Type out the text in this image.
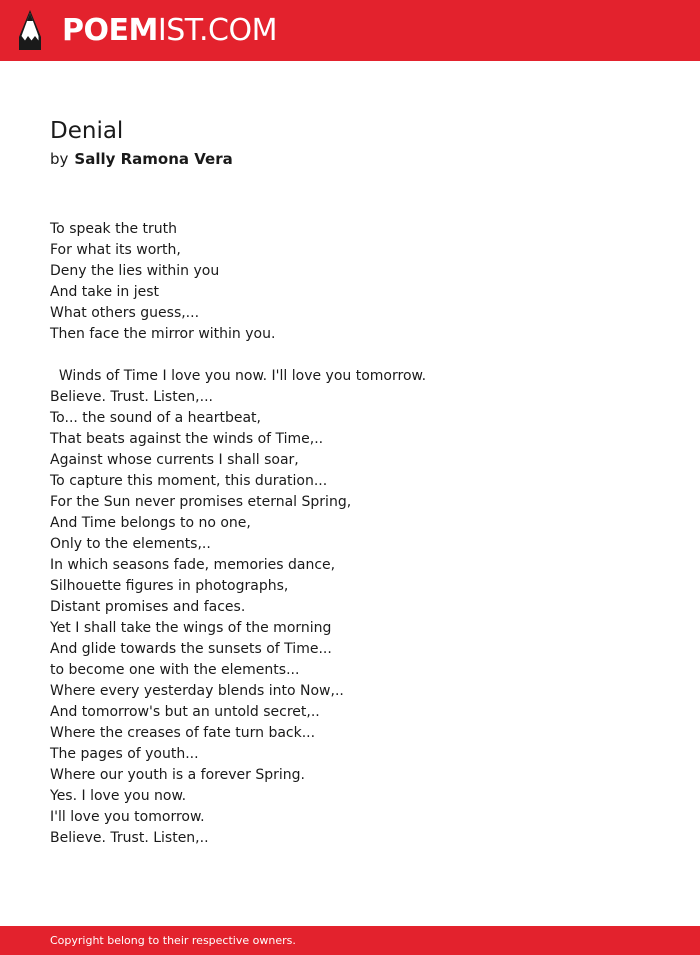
POEMIST.COM
Denial
by Sally Ramona Vera
To speak the truth
For what its worth,
Deny the lies within you
And take in jest
What others guess,...
Then face the mirror within you.
Winds of Time I love you now. I'll love you tomorrow.
Believe. Trust. Listen,...
To... the sound of a heartbeat,
That beats against the winds of Time,..
Against whose currents I shall soar,
To capture this moment, this duration...
For the Sun never promises eternal Spring,
And Time belongs to no one,
Only to the elements,..
In which seasons fade, memories dance,
Silhouette figures in photographs,
Distant promises and faces.
Yet I shall take the wings of the morning
And glide towards the sunsets of Time...
to become one with the elements...
Where every yesterday blends into Now,..
And tomorrow's but an untold secret,..
Where the creases of fate turn back...
The pages of youth...
Where our youth is a forever Spring.
Yes. I love you now.
I'll love you tomorrow.
Believe. Trust. Listen,..
Copyright belong to their respective owners.
